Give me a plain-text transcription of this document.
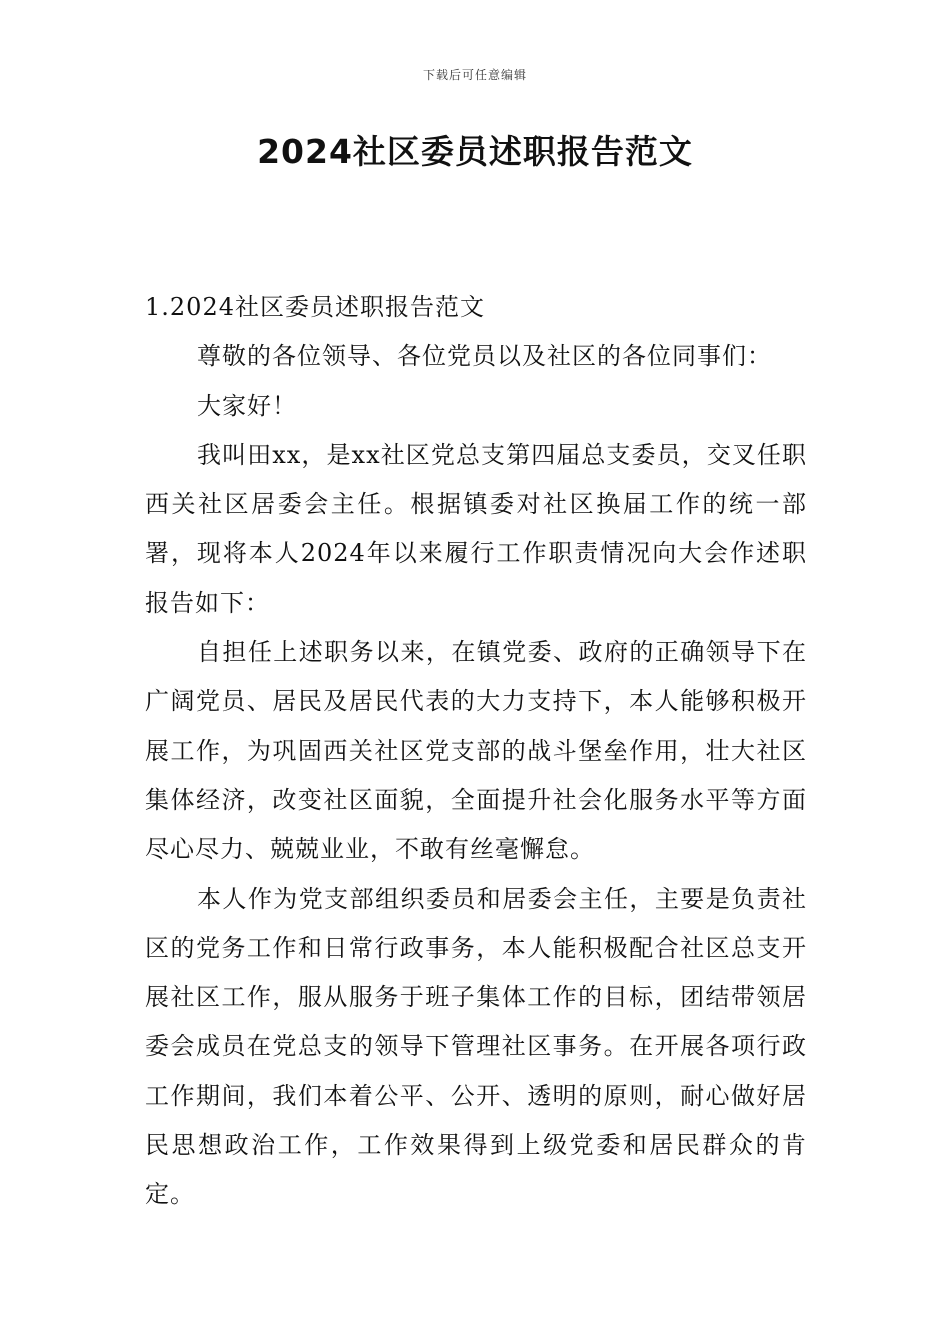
下载后可任意编辑
2024社区委员述职报告范文

1.2024社区委员述职报告范文

尊敬的各位领导、各位党员以及社区的各位同事们：

大家好！

我叫田xx，是xx社区党总支第四届总支委员，交叉任职西关社区居委会主任。根据镇委对社区换届工作的统一部署，现将本人2024年以来履行工作职责情况向大会作述职报告如下：

自担任上述职务以来，在镇党委、政府的正确领导下在广阔党员、居民及居民代表的大力支持下，本人能够积极开展工作，为巩固西关社区党支部的战斗堡垒作用，壮大社区集体经济，改变社区面貌，全面提升社会化服务水平等方面尽心尽力、兢兢业业，不敢有丝毫懈怠。

本人作为党支部组织委员和居委会主任，主要是负责社区的党务工作和日常行政事务，本人能积极配合社区总支开展社区工作，服从服务于班子集体工作的目标，团结带领居委会成员在党总支的领导下管理社区事务。在开展各项行政工作期间，我们本着公平、公开、透明的原则，耐心做好居民思想政治工作，工作效果得到上级党委和居民群众的肯定。
